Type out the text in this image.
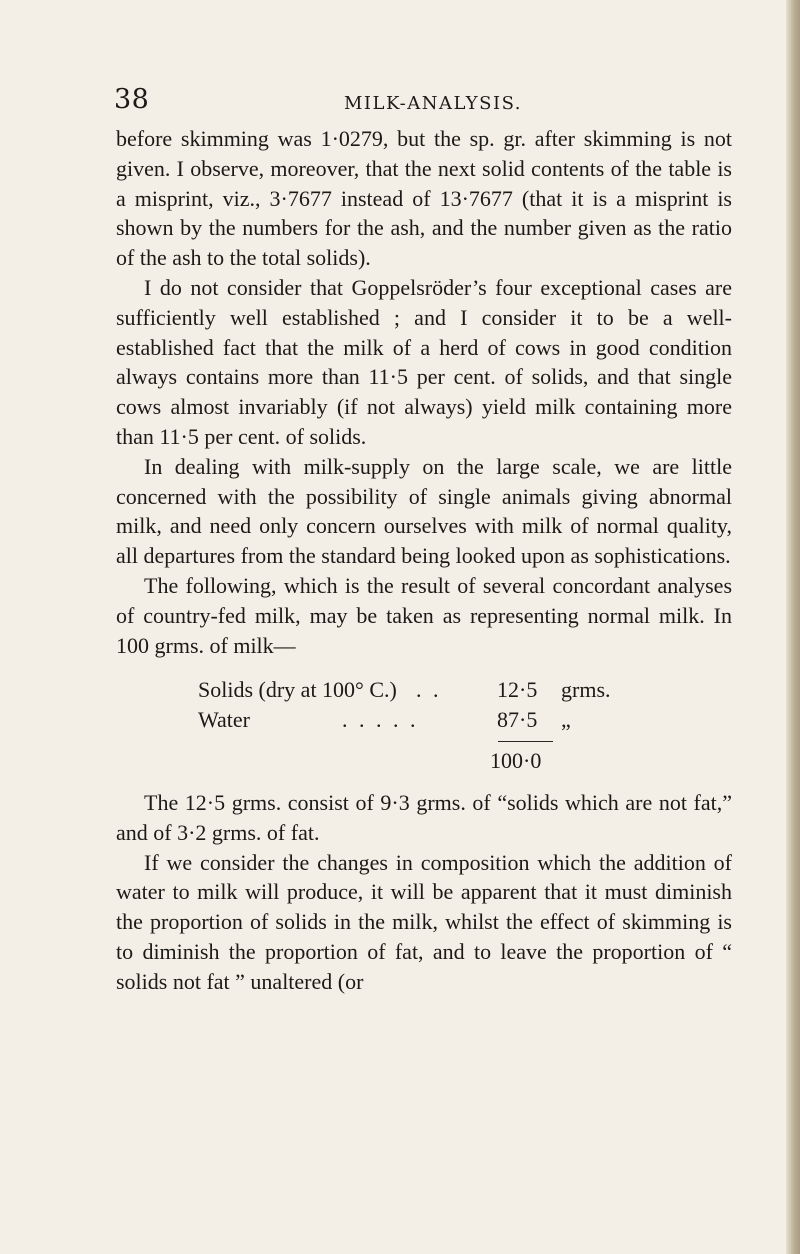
38	MILK-ANALYSIS.

before skimming was 1·0279, but the sp. gr. after skimming is not given. I observe, moreover, that the next solid contents of the table is a misprint, viz., 3·7677 instead of 13·7677 (that it is a misprint is shown by the numbers for the ash, and the number given as the ratio of the ash to the total solids).

I do not consider that Goppelsröder’s four exceptional cases are sufficiently well established ; and I consider it to be a well-established fact that the milk of a herd of cows in good condition always contains more than 11·5 per cent. of solids, and that single cows almost invariably (if not always) yield milk containing more than 11·5 per cent. of solids.

In dealing with milk-supply on the large scale, we are little concerned with the possibility of single animals giving abnormal milk, and need only concern ourselves with milk of normal quality, all departures from the standard being looked upon as sophistications.

The following, which is the result of several concordant analyses of country-fed milk, may be taken as representing normal milk. In 100 grms. of milk—

Solids (dry at 100° C.) . .	12·5 grms.
Water	. . . . .	87·5 „
100·0

The 12·5 grms. consist of 9·3 grms. of “solids which are not fat,” and of 3·2 grms. of fat.

If we consider the changes in composition which the addition of water to milk will produce, it will be apparent that it must diminish the proportion of solids in the milk, whilst the effect of skimming is to diminish the proportion of fat, and to leave the proportion of “ solids not fat ” unaltered (or
